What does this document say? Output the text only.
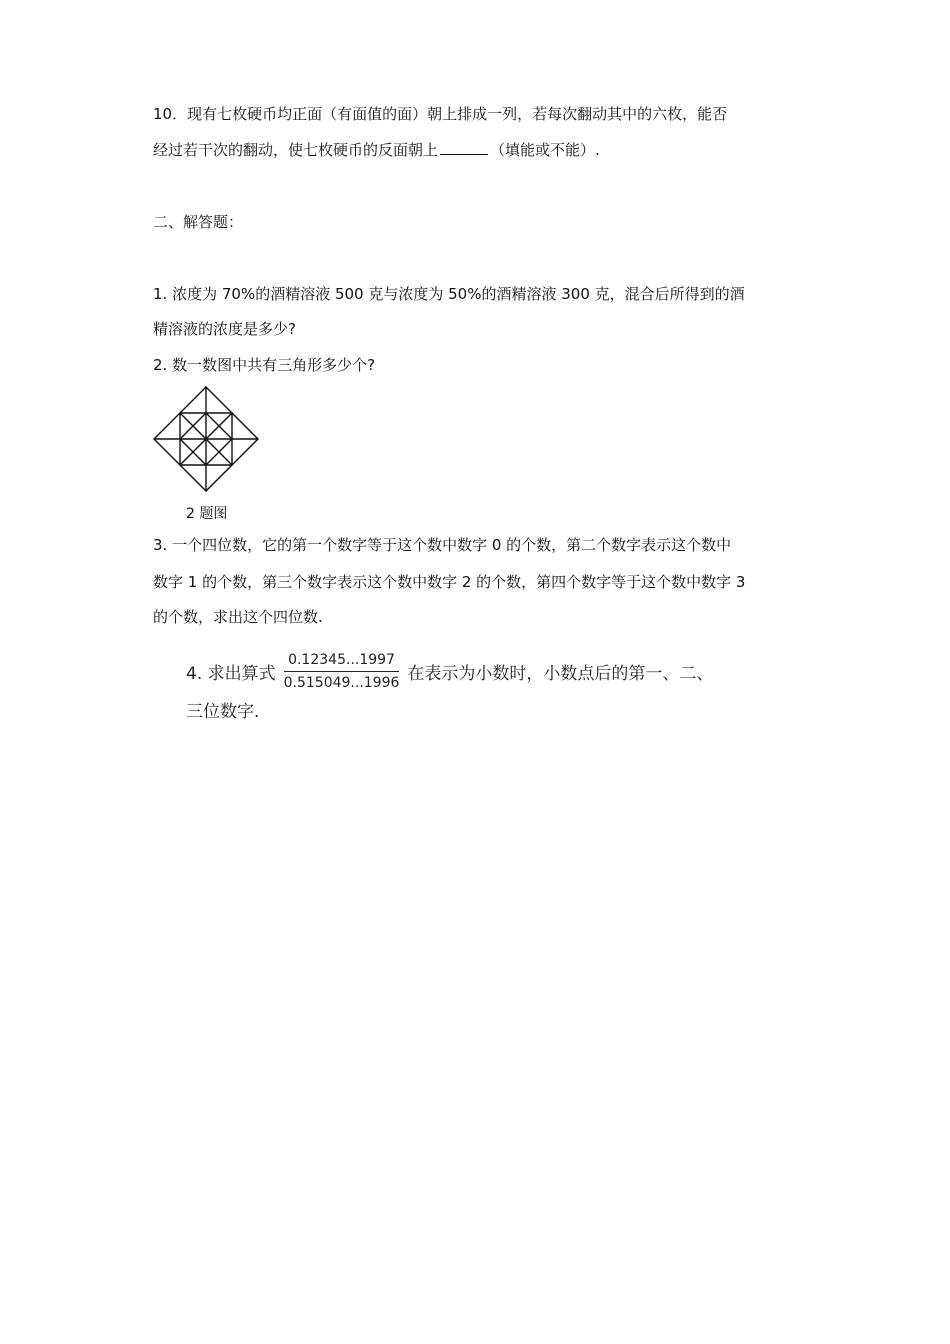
10．现有七枚硬币均正面（有面值的面）朝上排成一列，若每次翻动其中的六枚，能否
经过若干次的翻动，使七枚硬币的反面朝上	（填能或不能）.
二、解答题：
1. 浓度为 70%的酒精溶液 500 克与浓度为 50%的酒精溶液 300 克，混合后所得到的酒
精溶液的浓度是多少?
2. 数一数图中共有三角形多少个?
2 题图
3. 一个四位数，它的第一个数字等于这个数中数字 0 的个数，第二个数字表示这个数中
数字 1 的个数，第三个数字表示这个数中数字 2 的个数，第四个数字等于这个数中数字 3
的个数，求出这个四位数.
4. 求出算式 $\frac{0.12345...1997}{0.515049...1996}$ 在表示为小数时，小数点后的第一、二、
三位数字.
